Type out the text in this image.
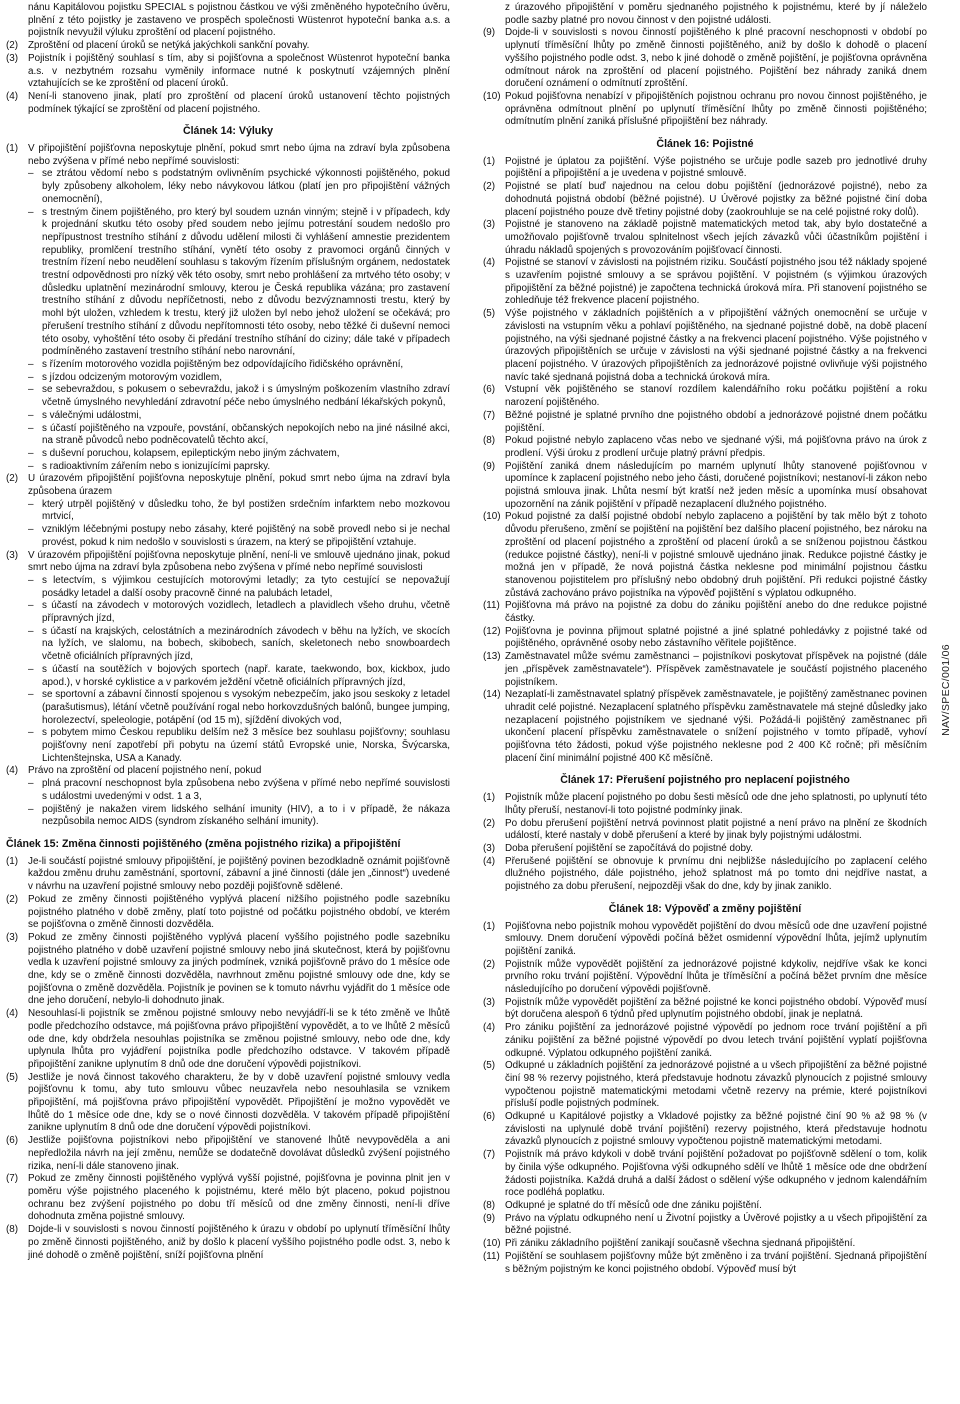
nánu Kapitálovou pojistku SPECIAL s pojistnou částkou ve výši změněného hypotečního úvěru, plnění z této pojistky je zastaveno ve prospěch společnosti Wüstenrot hypoteční banka a.s. a pojistník nevyužil výluku zproštění od placení pojistného.
(2)	Zproštění od placení úroků se netýká jakýchkoli sankční povahy.
(3)	Pojistník i pojištěný souhlasí s tím, aby si pojišťovna a společnost Wüstenrot hypoteční banka a.s. v nezbytném rozsahu vyměnily informace nutné k poskytnutí vzájemných plnění vztahujících se ke zproštění od placení úroků.
(4)	Není-li stanoveno jinak, platí pro zproštění od placení úroků ustanovení těchto pojistných podmínek týkající se zproštění od placení pojistného.
Článek 14: Výluky
(1)	V připojištění pojišťovna neposkytuje plnění, pokud smrt nebo újma na zdraví byla způsobena nebo zvýšena v přímé nebo nepřímé souvislosti:
– se ztrátou vědomí nebo s podstatným ovlivněním psychické výkonnosti pojištěného, pokud byly způsobeny alkoholem, léky nebo návykovou látkou (platí jen pro připojištění vážných onemocnění),
– s trestným činem pojištěného, pro který byl soudem uznán vinným; stejně i v případech, kdy k projednání skutku této osoby před soudem nebo jejímu potrestání soudem nedošlo pro nepřípustnost trestního stíhání z důvodu udělení milosti či vyhlášení amnestie prezidentem republiky, promlčení trestního stíhání, vynětí této osoby z pravomoci orgánů činných v trestním řízení nebo neudělení souhlasu s takovým řízením příslušným orgánem, nedostatek trestní odpovědnosti pro nízký věk této osoby, smrt nebo prohlášení za mrtvého této osoby; v důsledku uplatnění mezinárodní smlouvy, kterou je Česká republika vázána; pro zastavení trestního stíhání z důvodu nepříčetnosti, nebo z důvodu bezvýznamnosti trestu, který by mohl být uložen, vzhledem k trestu, který již uložen byl nebo jehož uložení se očekává; pro přerušení trestního stíhání z důvodu nepřítomnosti této osoby, nebo těžké či duševní nemoci této osoby, vyhoštění této osoby či předání trestního stíhání do ciziny; dále také v případech podmíněného zastavení trestního stíhání nebo narovnání,
– s řízením motorového vozidla pojištěným bez odpovídajícího řidičského oprávnění,
– s jízdou odcizeným motorovým vozidlem,
– se sebevraždou, s pokusem o sebevraždu, jakož i s úmyslným poškozením vlastního zdraví včetně úmyslného nevyhledání zdravotní péče nebo úmyslného nedbání lékařských pokynů,
– s válečnými událostmi,
– s účastí pojištěného na vzpouře, povstání, občanských nepokojích nebo na jiné násilné akci, na straně původců nebo podněcovatelů těchto akcí,
– s duševní poruchou, kolapsem, epileptickým nebo jiným záchvatem,
– s radioaktivním zářením nebo s ionizujícími paprsky.
(2)	U úrazovém připojištění pojišťovna neposkytuje plnění, pokud smrt nebo újma na zdraví byla způsobena úrazem
– který utrpěl pojištěný v důsledku toho, že byl postižen srdečním infarktem nebo mozkovou mrtvicí,
– vzniklým léčebnými postupy nebo zásahy, které pojištěný na sobě provedl nebo si je nechal provést, pokud k nim nedošlo v souvislosti s úrazem, na který se připojištění vztahuje.
(3)	V úrazovém připojištění pojišťovna neposkytuje plnění, není-li ve smlouvě ujednáno jinak, pokud smrt nebo újma na zdraví byla způsobena nebo zvýšena v přímé nebo nepřímé souvislosti
– s letectvím, s výjimkou cestujících motorovými letadly; za tyto cestující se nepovažují posádky letadel a další osoby pracovně činné na palubách letadel,
– s účastí na závodech v motorových vozidlech, letadlech a plavidlech všeho druhu, včetně přípravných jízd,
– s účastí na krajských, celostátních a mezinárodních závodech v běhu na lyžích, ve skocích na lyžích, ve slalomu, na bobech, skibobech, saních, skeletonech nebo snowboardech včetně oficiálních přípravných jízd,
– s účastí na soutěžích v bojových sportech (např. karate, taekwondo, box, kickbox, judo apod.), v horské cyklistice a v parkovém ježdění včetně oficiálních přípravných jízd,
– se sportovní a zábavní činností spojenou s vysokým nebezpečím, jako jsou seskoky z letadel (parašutismus), létání včetně používání rogal nebo horkovzdušných balónů, bungee jumping, horolezectví, speleologie, potápění (od 15 m), sjíždění divokých vod,
– s pobytem mimo Českou republiku delším než 3 měsíce bez souhlasu pojišťovny; souhlasu pojišťovny není zapotřebí při pobytu na území států Evropské unie, Norska, Švýcarska, Lichtenštejnska, USA a Kanady.
(4)	Právo na zproštění od placení pojistného není, pokud
– plná pracovní neschopnost byla způsobena nebo zvýšena v přímé nebo nepřímé souvislosti s událostmi uvedenými v odst. 1 a 3,
– pojištěný je nakažen virem lidského selhání imunity (HIV), a to i v případě, že nákaza nezpůsobila nemoc AIDS (syndrom získaného selhání imunity).
Článek 15: Změna činnosti pojištěného (změna pojistného rizika) a připojištění
(1)	Je-li součástí pojistné smlouvy připojištění, je pojištěný povinen bezodkladně oznámit pojišťovně každou změnu druhu zaměstnání, sportovní, zábavní a jiné činnosti (dále jen „činnost“) uvedené v návrhu na uzavření pojistné smlouvy nebo později pojišťovně sdělené.
(2)	Pokud ze změny činnosti pojištěného vyplývá placení nižšího pojistného podle sazebníku pojistného platného v době změny, platí toto pojistné od počátku pojistného období, ve kterém se pojišťovna o změně činnosti dozvěděla.
(3)	Pokud ze změny činnosti pojištěného vyplývá placení vyššího pojistného podle sazebníku pojistného platného v době uzavření pojistné smlouvy nebo jiná skutečnost, která by pojišťovnu vedla k uzavření pojistné smlouvy za jiných podmínek, vzniká pojišťovně právo do 1 měsíce ode dne, kdy se o změně činnosti dozvěděla, navrhnout změnu pojistné smlouvy ode dne, kdy se pojišťovna o změně dozvěděla. Pojistník je povinen se k tomuto návrhu vyjádřit do 1 měsíce ode dne jeho doručení, nebylo-li dohodnuto jinak.
(4)	Nesouhlasí-li pojistník se změnou pojistné smlouvy nebo nevyjádří-li se k této změně ve lhůtě podle předchozího odstavce, má pojišťovna právo připojištění vypovědět, a to ve lhůtě 2 měsíců ode dne, kdy obdržela nesouhlas pojistníka se změnou pojistné smlouvy, nebo ode dne, kdy uplynula lhůta pro vyjádření pojistníka podle předchozího odstavce. V takovém případě připojištění zanikne uplynutím 8 dnů ode dne doručení výpovědi pojistníkovi.
(5)	Jestliže je nová činnost takového charakteru, že by v době uzavření pojistné smlouvy vedla pojišťovnu k tomu, aby tuto smlouvu vůbec neuzavřela nebo nesouhlasila se vznikem připojištění, má pojišťovna právo připojištění vypovědět. Připojištění je možno vypovědět ve lhůtě do 1 měsíce ode dne, kdy se o nové činnosti dozvěděla. V takovém případě připojištění zanikne uplynutím 8 dnů ode dne doručení výpovědi pojistníkovi.
(6)	Jestliže pojišťovna pojistníkovi nebo připojištění ve stanovené lhůtě nevypověděla a ani nepředložila návrh na její změnu, nemůže se dodatečně dovolávat důsledků zvýšení pojistného rizika, není-li dále stanoveno jinak.
(7)	Pokud ze změny činnosti pojištěného vyplývá vyšší pojistné, pojišťovna je povinna plnit jen v poměru výše pojistného placeného k pojistnému, které mělo být placeno, pokud pojistnou ochranu bez zvýšení pojistného po dobu tří měsíců od dne změny činnosti, není-li dříve dohodnuta změna pojistné smlouvy.
(8)	Dojde-li v souvislosti s novou činností pojištěného k úrazu v období po uplynutí tříměsíční lhůty po změně činnosti pojištěného, aniž by došlo k placení vyššího pojistného podle odst. 3, nebo k jiné dohodě o změně pojištění, sníží pojišťovna plnění

z úrazového připojištění v poměru sjednaného pojistného k pojistnému, které by jí náleželo podle sazby platné pro novou činnost v den pojistné události.

(9)	Dojde-li v souvislosti s novou činností pojištěného k plné pracovní neschopnosti v období po uplynutí tříměsíční lhůty po změně činnosti pojištěného, aniž by došlo k dohodě o placení vyššího pojistného podle odst. 3, nebo k jiné dohodě o změně pojištění, je pojišťovna oprávněna odmítnout nárok na zproštění od placení pojistného. Pojištění bez náhrady zaniká dnem doručení oznámení o odmítnutí zproštění.
(10) Pokud pojišťovna nenabízí v připojištěních pojistnou ochranu pro novou činnost pojištěného, je oprávněna odmítnout plnění po uplynutí tříměsíční lhůty po změně činnosti pojištěného; odmítnutím plnění zaniká příslušné připojištění bez náhrady.
Článek 16: Pojistné
(1)	Pojistné je úplatou za pojištění. Výše pojistného se určuje podle sazeb pro jednotlivé druhy pojištění a připojištění a je uvedena v pojistné smlouvě.
(2)	Pojistné se platí buď najednou na celou dobu pojištění (jednorázové pojistné), nebo za dohodnutá pojistná období (běžné pojistné). U Úvěrové pojistky za běžné pojistné činí doba placení pojistného pouze dvě třetiny pojistné doby (zaokrouhluje se na celé pojistné roky dolů).
(3)	Pojistné je stanoveno na základě pojistně matematických metod tak, aby bylo dostatečné a umožňovalo pojišťovně trvalou splnitelnost všech jejích závazků vůči účastníkům pojištění i úhradu nákladů spojených s provozováním pojišťovací činnosti.
(4)	Pojistné se stanoví v závislosti na pojistném riziku. Součástí pojistného jsou též náklady spojené s uzavřením pojistné smlouvy a se správou pojištění. V pojistném (s výjimkou úrazových připojištění za běžné pojistné) je započtena technická úroková míra. Při stanovení pojistného se zohledňuje též frekvence placení pojistného.
(5)	Výše pojistného v základních pojištěních a v připojištění vážných onemocnění se určuje v závislosti na vstupním věku a pohlaví pojištěného, na sjednané pojistné době, na době placení pojistného, na výši sjednané pojistné částky a na frekvenci placení pojistného. Výše pojistného v úrazových připojištěních se určuje v závislosti na výši sjednané pojistné částky a na frekvenci placení pojistného. V úrazových připojištěních za jednorázové pojistné ovlivňuje výši pojistného navíc také sjednaná pojistná doba a technická úroková míra.
(6)	Vstupní věk pojištěného se stanoví rozdílem kalendářního roku počátku pojištění a roku narození pojištěného.
(7)	Běžné pojistné je splatné prvního dne pojistného období a jednorázové pojistné dnem počátku pojištění.
(8)	Pokud pojistné nebylo zaplaceno včas nebo ve sjednané výši, má pojišťovna právo na úrok z prodlení. Výši úroku z prodlení určuje platný právní předpis.
(9)	Pojištění zaniká dnem následujícím po marném uplynutí lhůty stanovené pojišťovnou v upomínce k zaplacení pojistného nebo jeho části, doručené pojistníkovi; nestanoví-li zákon nebo pojistná smlouva jinak. Lhůta nesmí být kratší než jeden měsíc a upomínka musí obsahovat upozornění na zánik pojištění v případě nezaplacení dlužného pojistného.
(10) Pokud pojistné za další pojistné období nebylo zaplaceno a pojištění by tak mělo být z tohoto důvodu přerušeno, změní se pojištění na pojištění bez dalšího placení pojistného, bez nároku na zproštění od placení pojistného a zproštění od placení úroků a se sníženou pojistnou částkou (redukce pojistné částky), není-li v pojistné smlouvě ujednáno jinak. Redukce pojistné částky je možná jen v případě, že nová pojistná částka neklesne pod minimální pojistnou částku stanovenou pojistitelem pro příslušný nebo obdobný druh pojištění. Při redukci pojistné částky zůstává zachováno právo pojistníka na výpověď pojištění s výplatou odkupného.
(11) Pojišťovna má právo na pojistné za dobu do zániku pojištění anebo do dne redukce pojistné částky.
(12) Pojišťovna je povinna přijmout splatné pojistné a jiné splatné pohledávky z pojistné také od pojištěného, oprávněné osoby nebo zástavního věřitele pojištěnce.
(13) Zaměstnavatel může svému zaměstnanci – pojistníkovi poskytovat příspěvek na pojistné (dále jen „příspěvek zaměstnavatele“). Příspěvek zaměstnavatele je součástí pojistného placeného pojistníkem.
(14) Nezaplatí-li zaměstnavatel splatný příspěvek zaměstnavatele, je pojištěný zaměstnanec povinen uhradit celé pojistné. Nezaplacení splatného příspěvku zaměstnavatele má stejné důsledky jako nezaplacení pojistného pojistníkem ve sjednané výši. Požádá-li pojištěný zaměstnanec při ukončení placení příspěvku zaměstnavatele o snížení pojistného v tomto případě, vyhoví pojišťovna této žádosti, pokud výše pojistného neklesne pod 2 400 Kč ročně; při měsíčním placení činí minimální pojistné 400 Kč měsíčně.
Článek 17: Přerušení pojistného pro neplacení pojistného
(1)	Pojistník může placení pojistného po dobu šesti měsíců ode dne jeho splatnosti, po uplynutí této lhůty přeruší, nestanoví-li toto pojistné podmínky jinak.
(2)	Po dobu přerušení pojištění netrvá povinnost platit pojistné a není právo na plnění ze škodních událostí, které nastaly v době přerušení a které by jinak byly pojistnými událostmi.
(3)	Doba přerušení pojištění se započítává do pojistné doby.
(4)	Přerušené pojištění se obnovuje k prvnímu dni nejbližše následujícího po zaplacení celého dlužného pojistného, dále pojistného, jehož splatnost má po tomto dni nejdříve nastat, a pojistného za dobu přerušení, nejpozději však do dne, kdy by jinak zaniklo.
Článek 18: Výpověď a změny pojištění
(1)	Pojišťovna nebo pojistník mohou vypovědět pojištění do dvou měsíců ode dne uzavření pojistné smlouvy. Dnem doručení výpovědi počíná běžet osmidenní výpovědní lhůta, jejímž uplynutím pojištění zaniká.
(2)	Pojistník může vypovědět pojištění za jednorázové pojistné kdykoliv, nejdříve však ke konci prvního roku trvání pojištění. Výpovědní lhůta je tříměsíční a počíná běžet prvním dne měsíce následujícího po doručení výpovědi pojišťovně.
(3)	Pojistník může vypovědět pojištění za běžné pojistné ke konci pojistného období. Výpověď musí být doručena alespoň 6 týdnů před uplynutím pojistného období, jinak je neplatná.
(4)	Pro zániku pojištění za jednorázové pojistné výpovědí po jednom roce trvání pojištění a při zániku pojištění za běžné pojistné výpovědí po dvou letech trvání pojištění vyplatí pojišťovna odkupné. Výplatou odkupného pojištění zaniká.
(5)	Odkupné u základních pojištění za jednorázové pojistné a u všech připojištění za běžné pojistné činí 98 % rezervy pojistného, která představuje hodnotu závazků plynoucích z pojistné smlouvy vypočtenou pojistně matematickými metodami včetně rezervy na prémie, které pojistníkovi přísluší podle pojistných podmínek.
(6)	Odkupné u Kapitálové pojistky a Vkladové pojistky za běžné pojistné činí 90 % až 98 % (v závislosti na uplynulé době trvání pojištění) rezervy pojistného, která představuje hodnotu závazků plynoucích z pojistné smlouvy vypočtenou pojistně matematickými metodami.
(7)	Pojistník má právo kdykoli v době trvání pojištění požadovat po pojišťovně sdělení o tom, kolik by činila výše odkupného. Pojišťovna výši odkupného sdělí ve lhůtě 1 měsíce ode dne obdržení žádosti pojistníka. Každá druhá a další žádost o sdělení výše odkupného v jednom kalendářním roce podléhá poplatku.
(8)	Odkupné je splatné do tří měsíců ode dne zániku pojištění.
(9)	Právo na výplatu odkupného není u Životní pojistky a Úvěrové pojistky a u všech připojištění za běžné pojistné.
(10) Při zániku základního pojištění zanikají současně všechna sjednaná připojištění.
(11) Pojištění se souhlasem pojišťovny může být změněno i za trvání pojištění. Sjednaná připojištění s běžným pojistným ke konci pojistného období. Výpověď musí být
NAV/SPEC/001/06
